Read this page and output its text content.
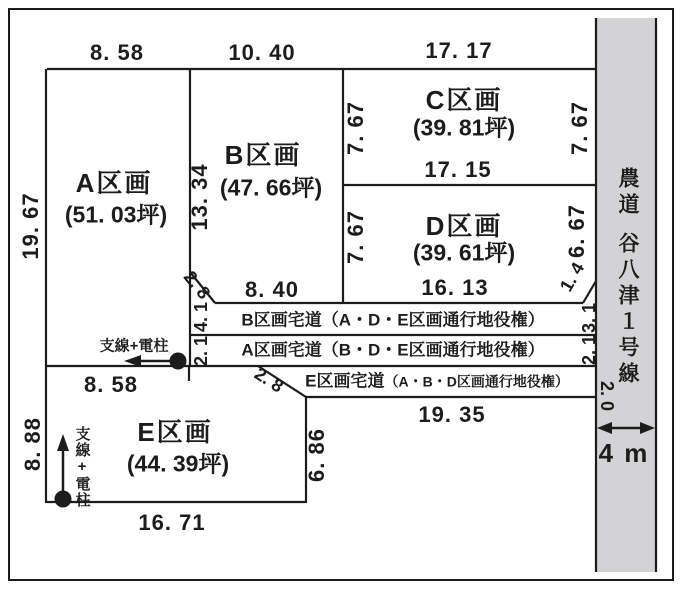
8. 58	10. 40	17. 17
19. 67
A区画
(51. 03坪) 13. 34
B区画
(47. 66坪)
7. 67
C区画
(39. 81坪) 7. 67
17. 15
7. 67 D区画
(39. 61坪) 6. 67
8. 40	16. 13
2. 8	1. 4
4. 1
2. 1
3. 1
2. 1
2. 0
B区画宅道（A・D・E区画通行地役権）
A区画宅道（B・D・E区画通行地役権）
E区画宅道（A・B・D区画通行地役権）
19. 35
2. 8
支線+電柱
支線+電柱
8. 58
E区画
(44. 39坪)
8. 88	6. 86
16. 71
農道
谷八津１号線
4 m
